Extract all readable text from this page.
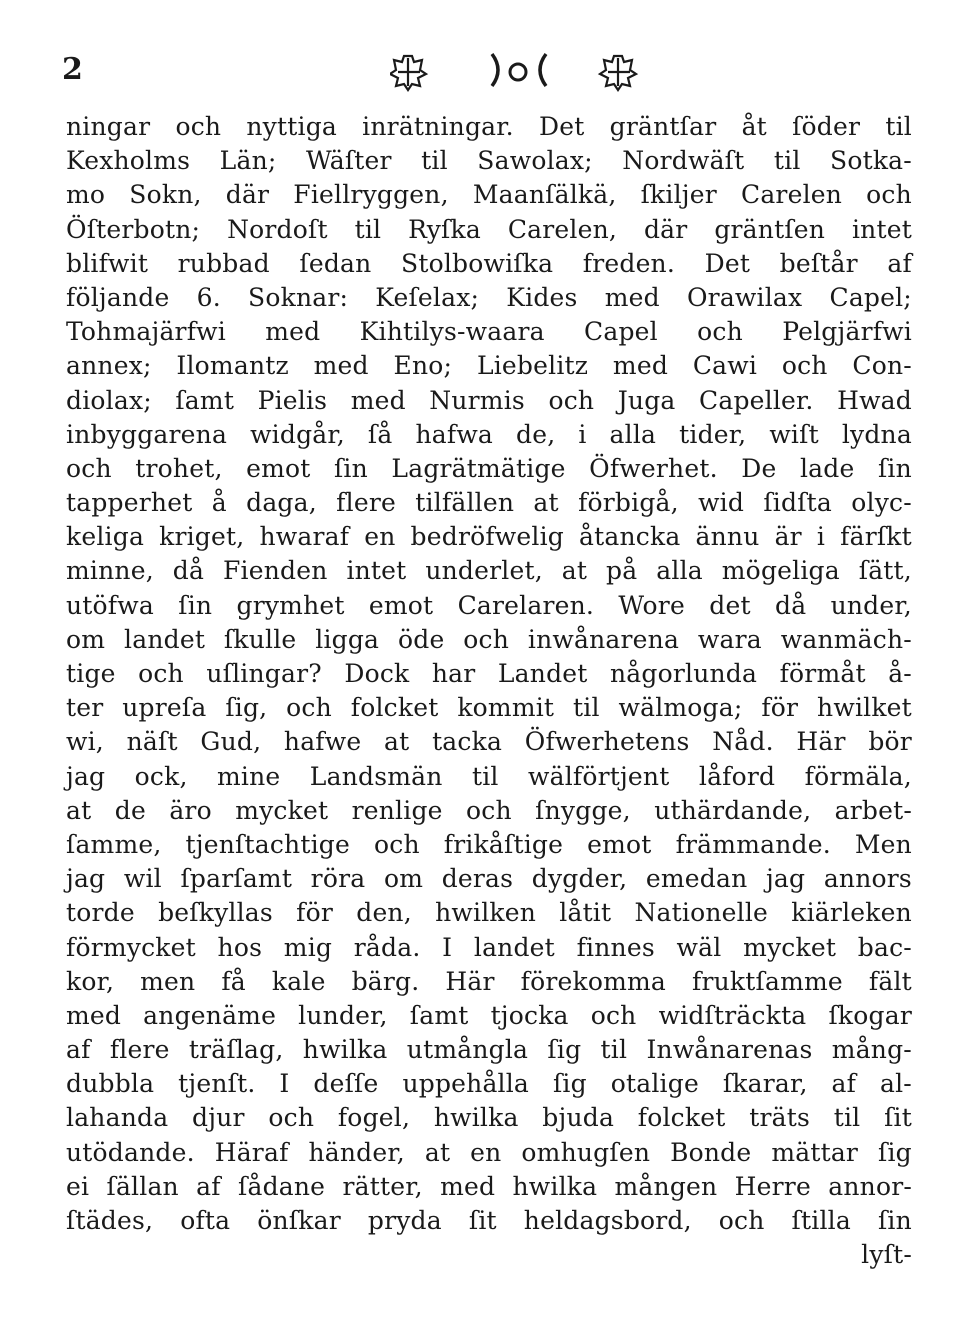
2
ningar och nyttiga inrätningar. Det gräntſar åt ſöder til
Kexholms Län; Wäſter til Sawolax; Nordwäſt til Sotka-
mo Sokn, där Fiellryggen, Maanſälkä, ſkiljer Carelen och
Öſterbotn; Nordoſt til Ryſka Carelen, där gräntſen intet
blifwit rubbad ſedan Stolbowiſka freden. Det beſtår af
följande 6. Soknar: Keſelax; Kides med Orawilax Capel;
Tohmajärfwi med Kihtilys-waara Capel och Pelgjärfwi
annex; Ilomantz med Eno; Liebelitz med Cawi och Con-
diolax; ſamt Pielis med Nurmis och Juga Capeller. Hwad
inbyggarena widgår, ſå hafwa de, i alla tider, wiſt lydna
och trohet, emot ſin Lagrätmätige Öfwerhet. De lade ſin
tapperhet å daga, flere tilfällen at förbigå, wid ſidſta olyc-
keliga kriget, hwaraf en bedröfwelig åtancka ännu är i färſkt
minne, då Fienden intet underlet, at på alla mögeliga ſätt,
utöfwa ſin grymhet emot Carelaren. Wore det då under,
om landet ſkulle ligga öde och inwånarena wara wanmäch-
tige och uſlingar? Dock har Landet någorlunda förmåt å-
ter upreſa ſig, och folcket kommit til wälmoga; för hwilket
wi, näſt Gud, hafwe at tacka Öfwerhetens Nåd. Här bör
jag ock, mine Landsmän til wälförtjent låford förmäla,
at de äro mycket renlige och ſnygge, uthärdande, arbet-
ſamme, tjenſtachtige och frikåſtige emot främmande. Men
jag wil ſparſamt röra om deras dygder, emedan jag annors
torde beſkyllas för den, hwilken låtit Nationelle kiärleken
förmycket hos mig råda. I landet finnes wäl mycket bac-
kor, men få kale bärg. Här förekomma fruktſamme fält
med angenäme lunder, ſamt tjocka och widſträckta ſkogar
af flere träſlag, hwilka utmångla ſig til Inwånarenas mång-
dubbla tjenſt. I deſſe uppehålla ſig otalige ſkarar, af al-
lahanda djur och fogel, hwilka bjuda folcket träts til ſit
utödande. Häraf händer, at en omhugſen Bonde mättar ſig
ei ſällan af ſådane rätter, med hwilka mången Herre annor-
ſtädes, ofta önſkar pryda ſit heldagsbord, och ſtilla ſin
lyſt-
